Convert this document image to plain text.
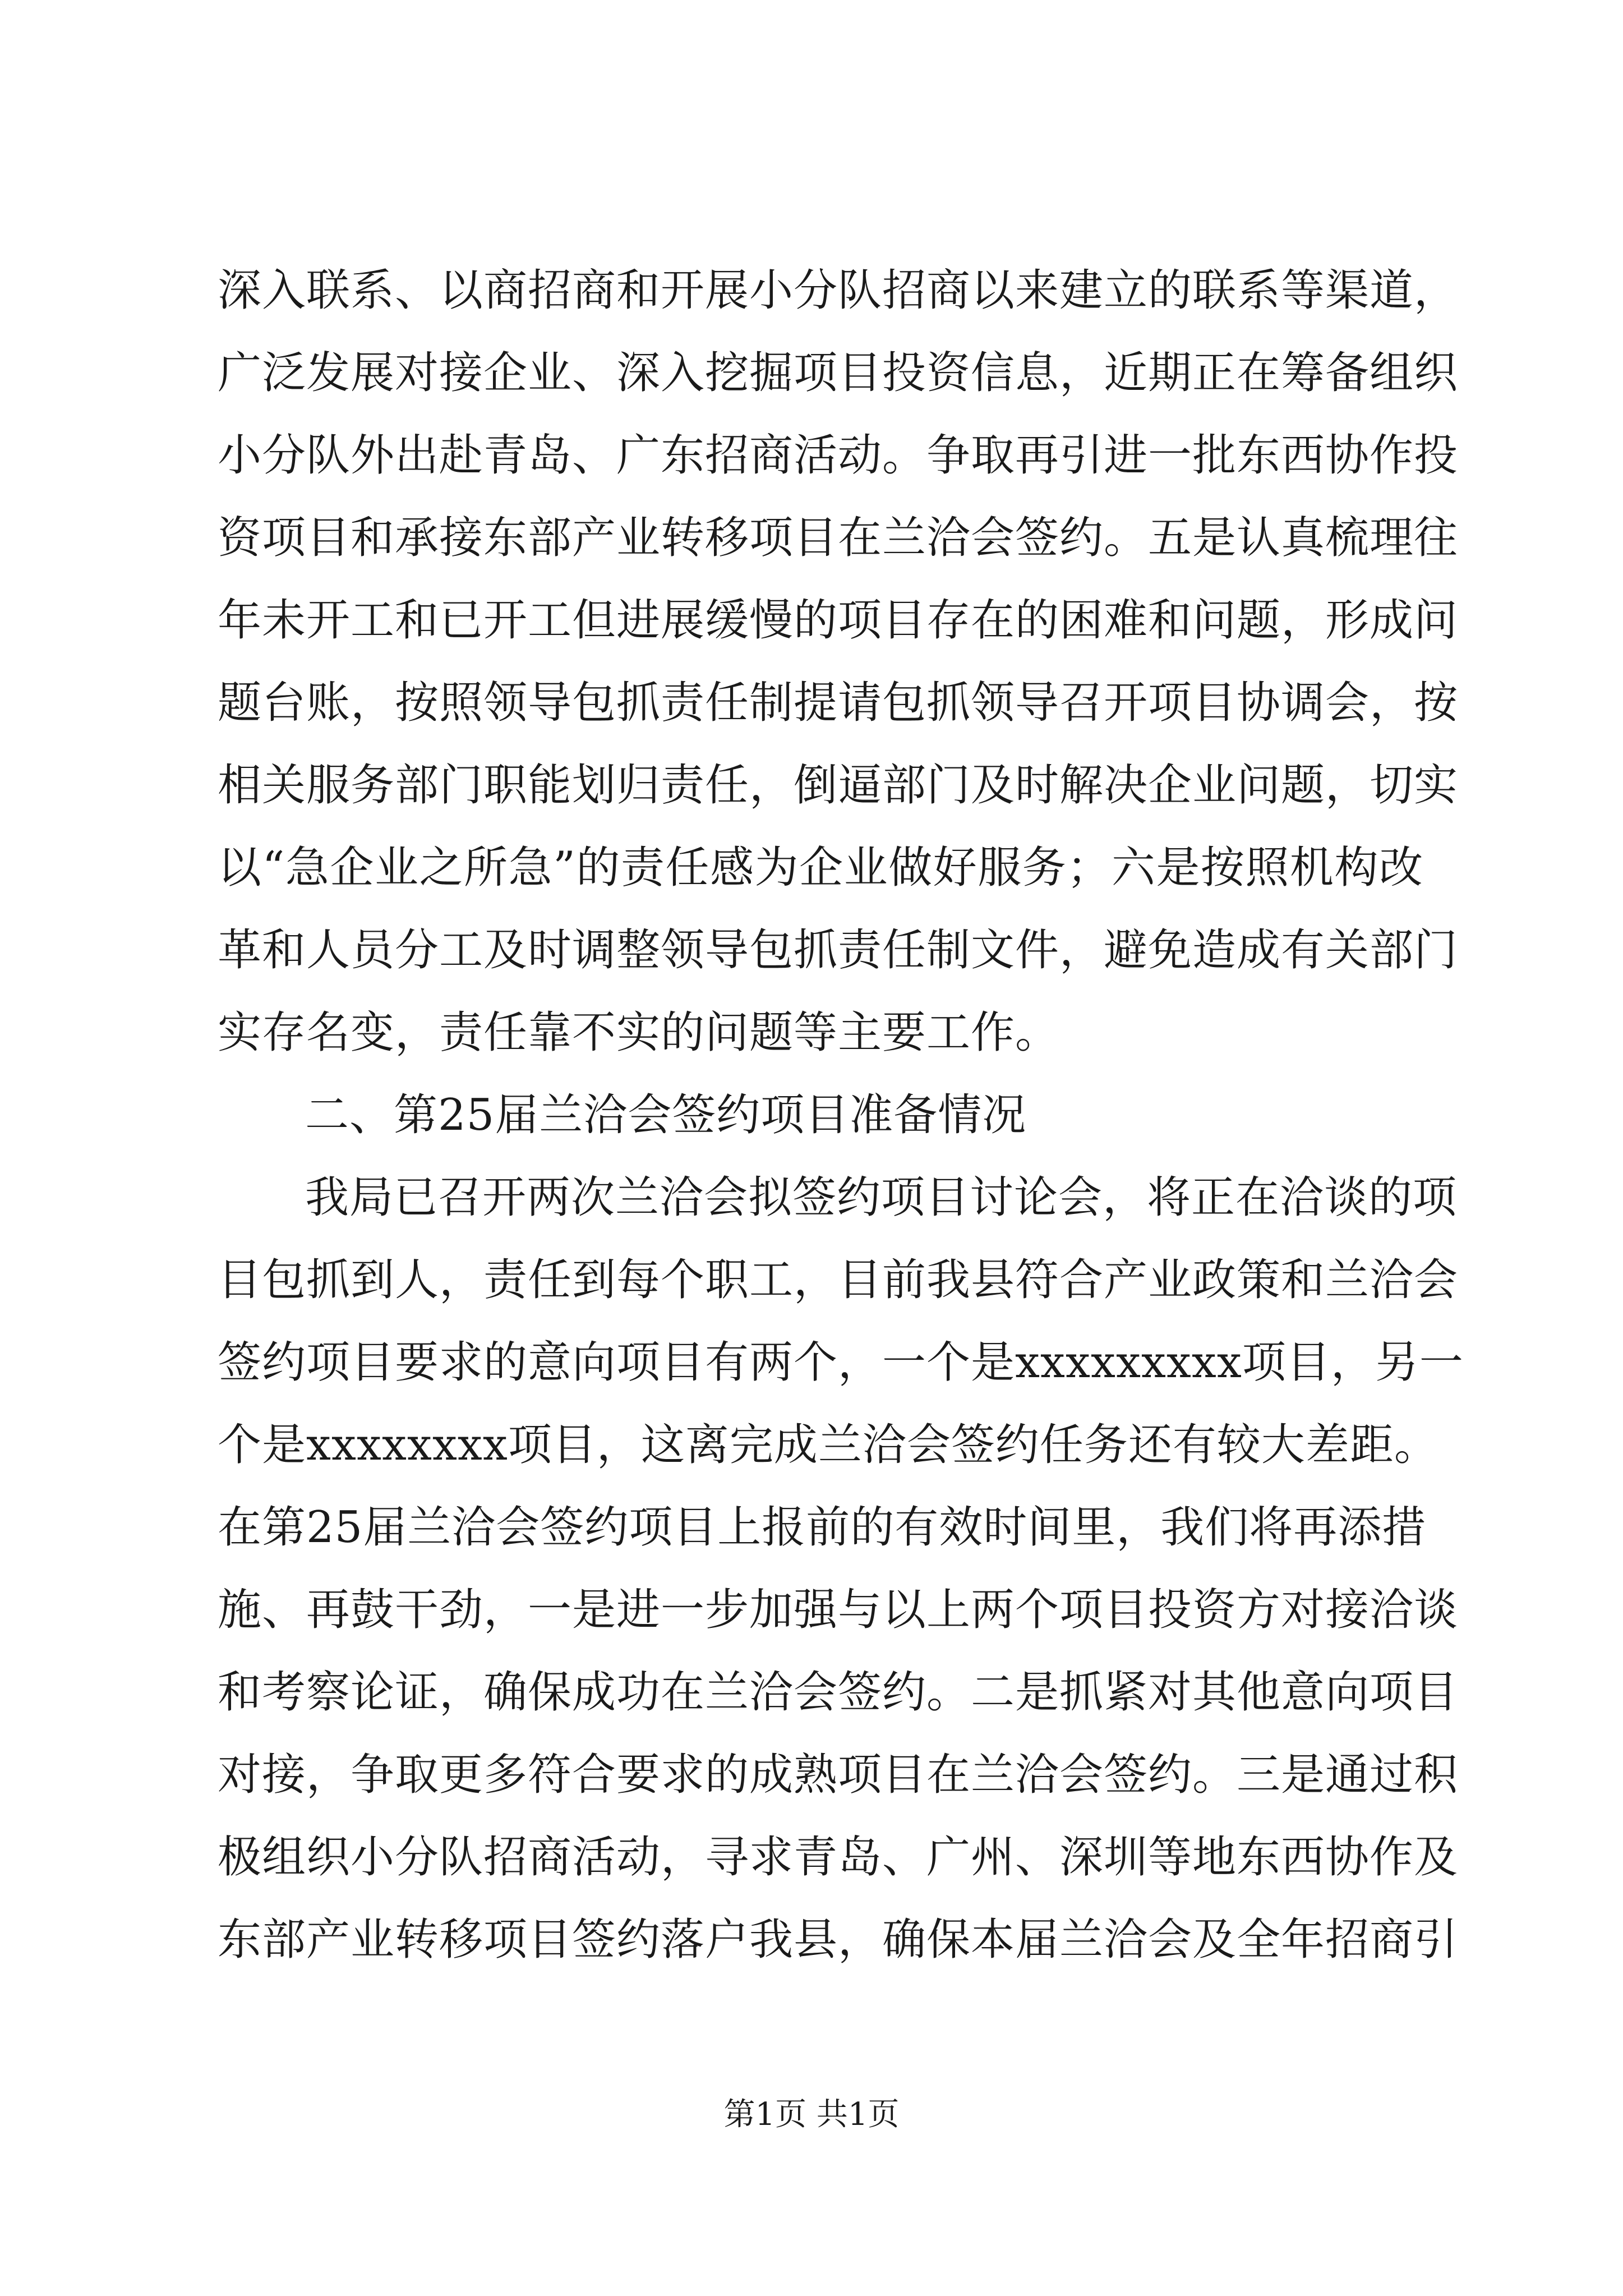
深入联系、以商招商和开展小分队招商以来建立的联系等渠道，
广泛发展对接企业、深入挖掘项目投资信息，近期正在筹备组织
小分队外出赴青岛、广东招商活动。争取再引进一批东西协作投
资项目和承接东部产业转移项目在兰洽会签约。五是认真梳理往
年未开工和已开工但进展缓慢的项目存在的困难和问题，形成问
题台账，按照领导包抓责任制提请包抓领导召开项目协调会，按
相关服务部门职能划归责任，倒逼部门及时解决企业问题，切实
以“急企业之所急”的责任感为企业做好服务；六是按照机构改
革和人员分工及时调整领导包抓责任制文件，避免造成有关部门
实存名变，责任靠不实的问题等主要工作。
二、第25届兰洽会签约项目准备情况
我局已召开两次兰洽会拟签约项目讨论会，将正在洽谈的项
目包抓到人，责任到每个职工，目前我县符合产业政策和兰洽会
签约项目要求的意向项目有两个，一个是xxxxxxxxx项目，另一
个是xxxxxxxx项目，这离完成兰洽会签约任务还有较大差距。
在第25届兰洽会签约项目上报前的有效时间里，我们将再添措
施、再鼓干劲，一是进一步加强与以上两个项目投资方对接洽谈
和考察论证，确保成功在兰洽会签约。二是抓紧对其他意向项目
对接，争取更多符合要求的成熟项目在兰洽会签约。三是通过积
极组织小分队招商活动，寻求青岛、广州、深圳等地东西协作及
东部产业转移项目签约落户我县，确保本届兰洽会及全年招商引
第1页 共1页
